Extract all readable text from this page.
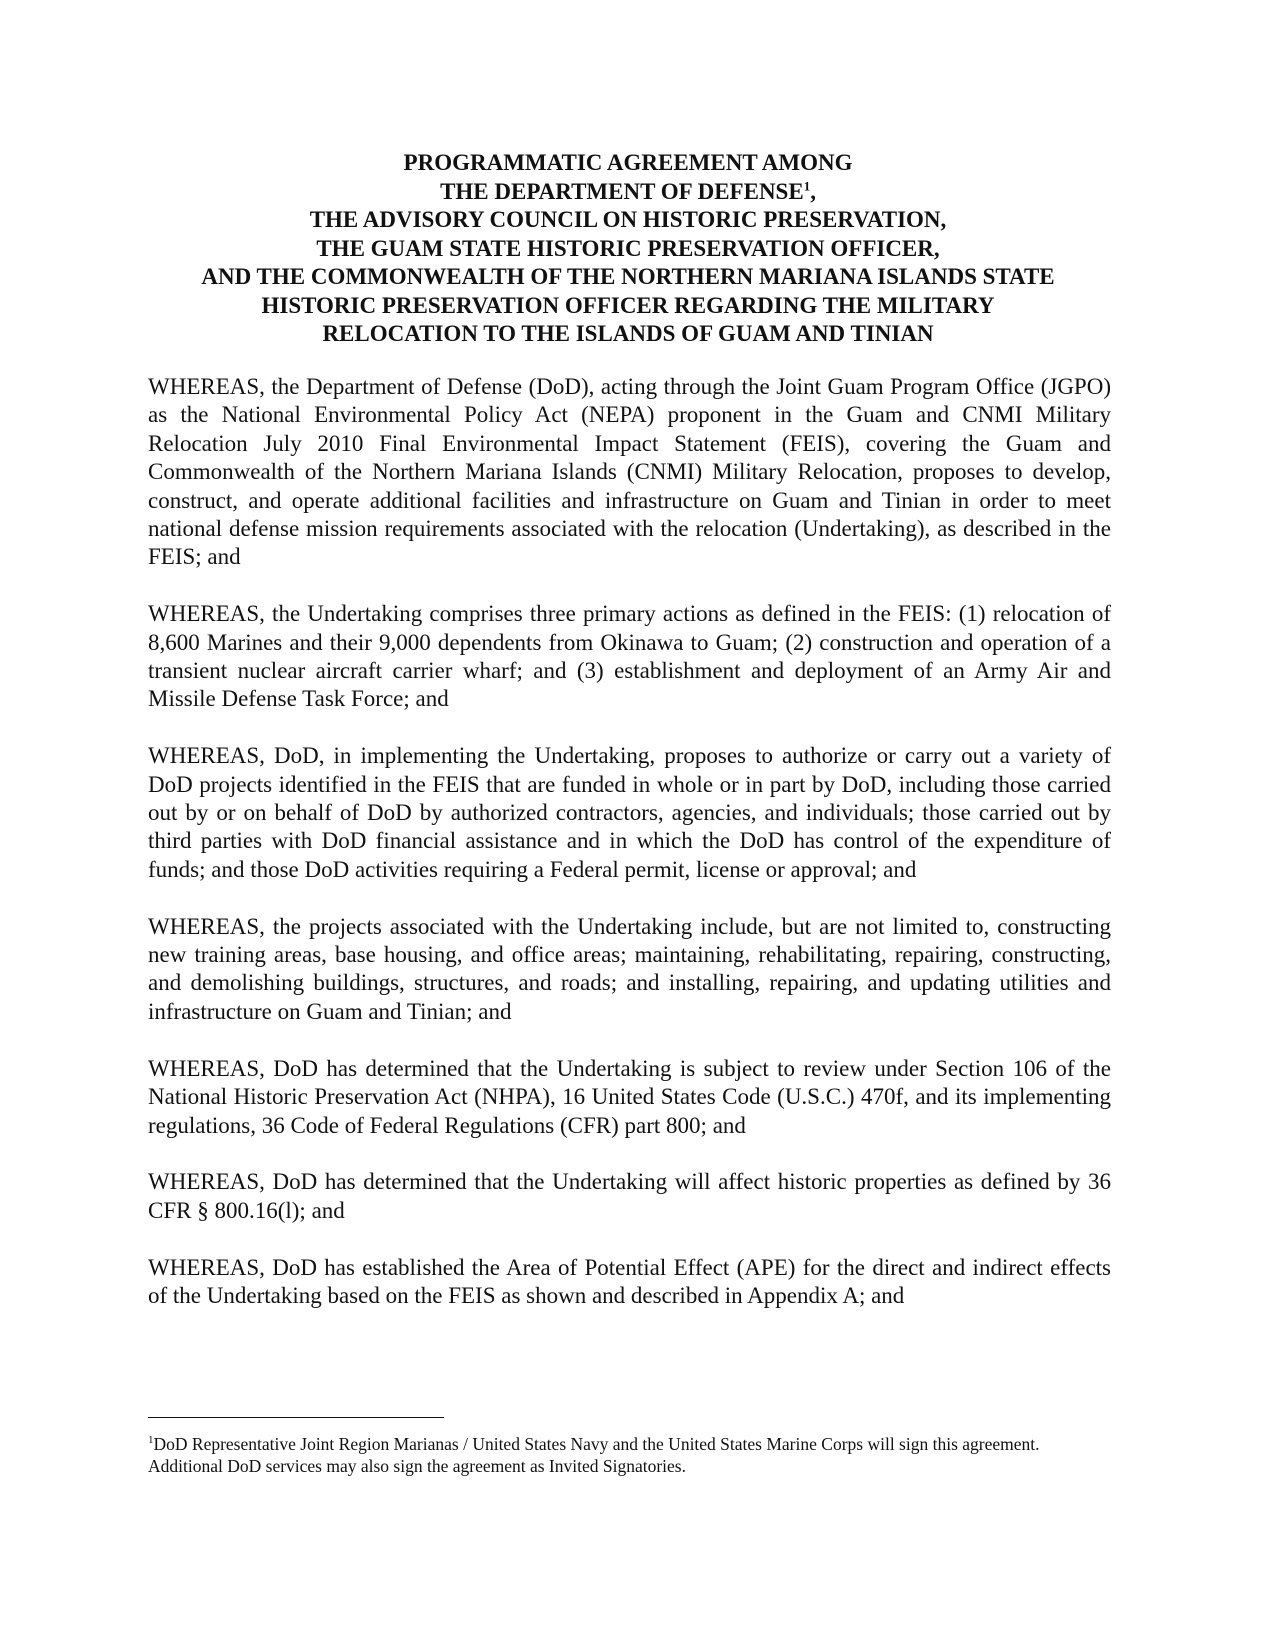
PROGRAMMATIC AGREEMENT AMONG
THE DEPARTMENT OF DEFENSE$^1$,
THE ADVISORY COUNCIL ON HISTORIC PRESERVATION,
THE GUAM STATE HISTORIC PRESERVATION OFFICER,
AND THE COMMONWEALTH OF THE NORTHERN MARIANA ISLANDS STATE
HISTORIC PRESERVATION OFFICER REGARDING THE MILITARY
RELOCATION TO THE ISLANDS OF GUAM AND TINIAN

WHEREAS, the Department of Defense (DoD), acting through the Joint Guam Program Office (JGPO) as the National Environmental Policy Act (NEPA) proponent in the Guam and CNMI Military Relocation July 2010 Final Environmental Impact Statement (FEIS), covering the Guam and Commonwealth of the Northern Mariana Islands (CNMI) Military Relocation, proposes to develop, construct, and operate additional facilities and infrastructure on Guam and Tinian in order to meet national defense mission requirements associated with the relocation (Undertaking), as described in the FEIS; and

WHEREAS, the Undertaking comprises three primary actions as defined in the FEIS: (1) relocation of 8,600 Marines and their 9,000 dependents from Okinawa to Guam; (2) construction and operation of a transient nuclear aircraft carrier wharf; and (3) establishment and deployment of an Army Air and Missile Defense Task Force; and

WHEREAS, DoD, in implementing the Undertaking, proposes to authorize or carry out a variety of DoD projects identified in the FEIS that are funded in whole or in part by DoD, including those carried out by or on behalf of DoD by authorized contractors, agencies, and individuals; those carried out by third parties with DoD financial assistance and in which the DoD has control of the expenditure of funds; and those DoD activities requiring a Federal permit, license or approval; and

WHEREAS, the projects associated with the Undertaking include, but are not limited to, constructing new training areas, base housing, and office areas; maintaining, rehabilitating, repairing, constructing, and demolishing buildings, structures, and roads; and installing, repairing, and updating utilities and infrastructure on Guam and Tinian; and

WHEREAS, DoD has determined that the Undertaking is subject to review under Section 106 of the National Historic Preservation Act (NHPA), 16 United States Code (U.S.C.) 470f, and its implementing regulations, 36 Code of Federal Regulations (CFR) part 800; and

WHEREAS, DoD has determined that the Undertaking will affect historic properties as defined by 36 CFR § 800.16(l); and

WHEREAS, DoD has established the Area of Potential Effect (APE) for the direct and indirect effects of the Undertaking based on the FEIS as shown and described in Appendix A; and

$^1$DoD Representative Joint Region Marianas / United States Navy and the United States Marine Corps will sign this agreement. Additional DoD services may also sign the agreement as Invited Signatories.
